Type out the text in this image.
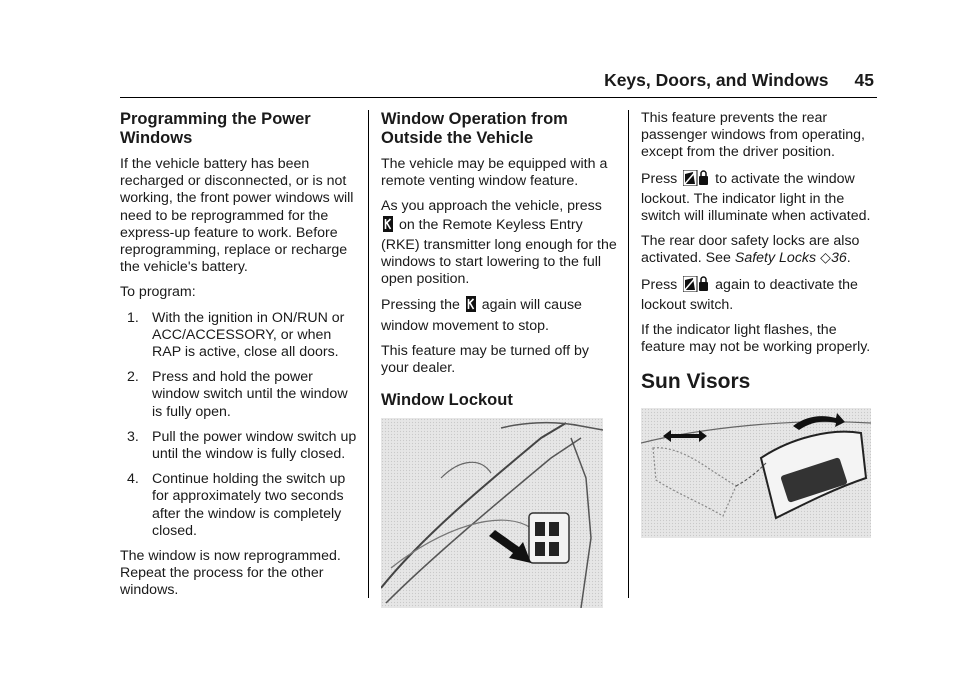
Keys, Doors, and Windows 45
Programming the Power Windows

If the vehicle battery has been recharged or disconnected, or is not working, the front power windows will need to be reprogrammed for the express-up feature to work. Before reprogramming, replace or recharge the vehicle's battery.

To program:

1. With the ignition in ON/RUN or ACC/ACCESSORY, or when RAP is active, close all doors.
2. Press and hold the power window switch until the window is fully open.
3. Pull the power window switch up until the window is fully closed.
4. Continue holding the switch up for approximately two seconds after the window is completely closed.

The window is now reprogrammed. Repeat the process for the other windows.

Window Operation from Outside the Vehicle

The vehicle may be equipped with a remote venting window feature.

As you approach the vehicle, press  on the Remote Keyless Entry (RKE) transmitter long enough for the windows to start lowering to the full open position.

Pressing the again will cause window movement to stop.

This feature may be turned off by your dealer.

Window Lockout

This feature prevents the rear passenger windows from operating, except from the driver position.

Press	to activate the window lockout. The indicator light in the switch will illuminate when activated.

The rear door safety locks are also activated. See Safety Locks ◇36.

Press	again to deactivate the lockout switch.

If the indicator light flashes, the feature may not be working properly.

Sun Visors
